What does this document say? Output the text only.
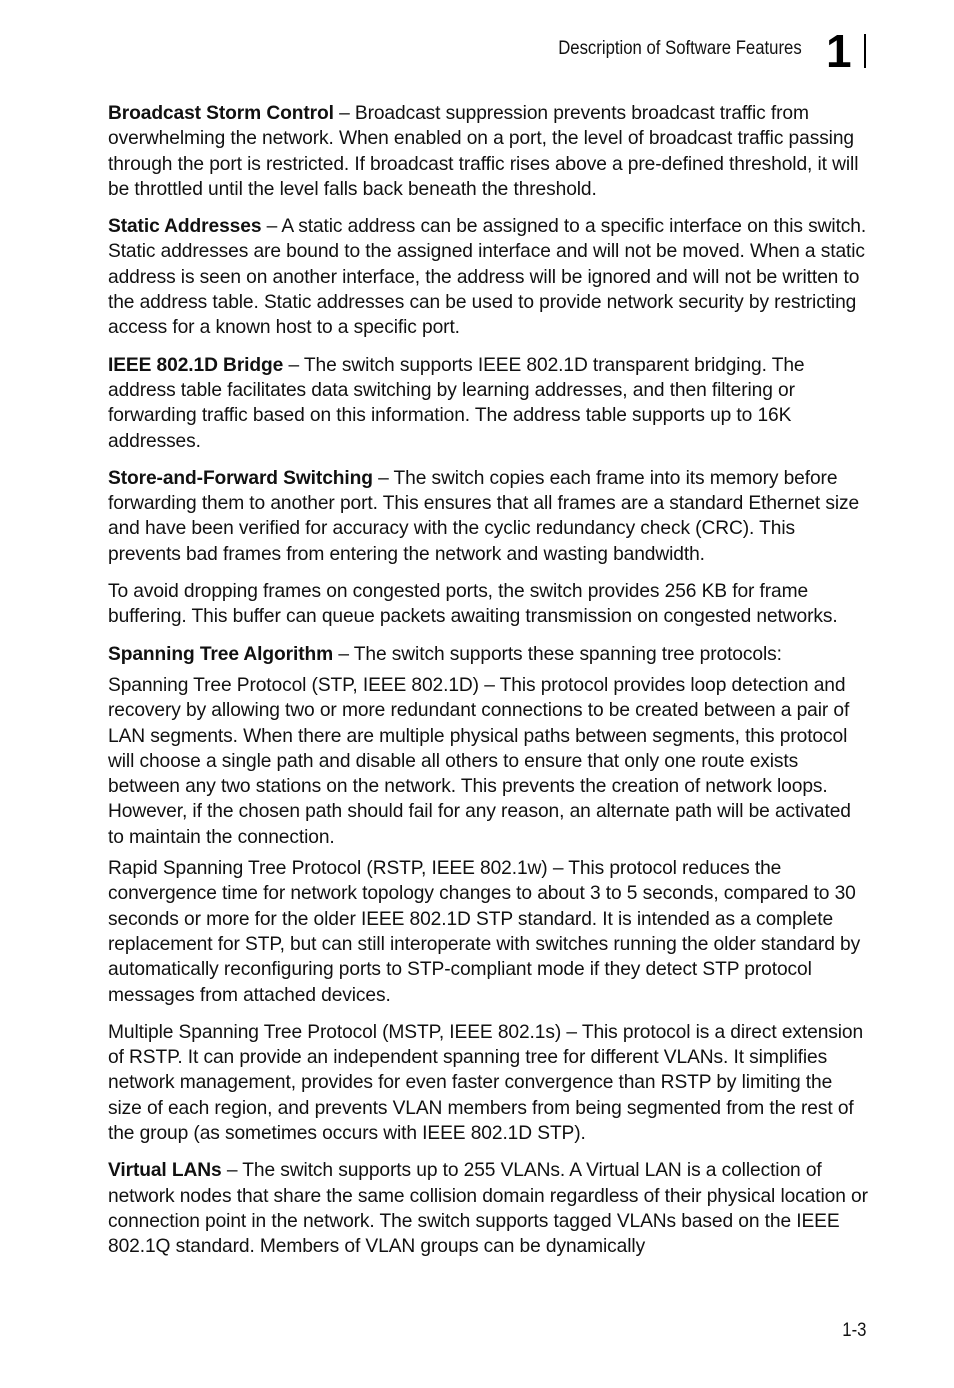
Description of Software Features 1

Broadcast Storm Control – Broadcast suppression prevents broadcast traffic from overwhelming the network. When enabled on a port, the level of broadcast traffic passing through the port is restricted. If broadcast traffic rises above a pre-defined threshold, it will be throttled until the level falls back beneath the threshold.

Static Addresses – A static address can be assigned to a specific interface on this switch. Static addresses are bound to the assigned interface and will not be moved. When a static address is seen on another interface, the address will be ignored and will not be written to the address table. Static addresses can be used to provide network security by restricting access for a known host to a specific port.

IEEE 802.1D Bridge – The switch supports IEEE 802.1D transparent bridging. The address table facilitates data switching by learning addresses, and then filtering or forwarding traffic based on this information. The address table supports up to 16K addresses.

Store-and-Forward Switching – The switch copies each frame into its memory before forwarding them to another port. This ensures that all frames are a standard Ethernet size and have been verified for accuracy with the cyclic redundancy check (CRC). This prevents bad frames from entering the network and wasting bandwidth.

To avoid dropping frames on congested ports, the switch provides 256 KB for frame buffering. This buffer can queue packets awaiting transmission on congested networks.

Spanning Tree Algorithm – The switch supports these spanning tree protocols:

Spanning Tree Protocol (STP, IEEE 802.1D) – This protocol provides loop detection and recovery by allowing two or more redundant connections to be created between a pair of LAN segments. When there are multiple physical paths between segments, this protocol will choose a single path and disable all others to ensure that only one route exists between any two stations on the network. This prevents the creation of network loops. However, if the chosen path should fail for any reason, an alternate path will be activated to maintain the connection.

Rapid Spanning Tree Protocol (RSTP, IEEE 802.1w) – This protocol reduces the convergence time for network topology changes to about 3 to 5 seconds, compared to 30 seconds or more for the older IEEE 802.1D STP standard. It is intended as a complete replacement for STP, but can still interoperate with switches running the older standard by automatically reconfiguring ports to STP-compliant mode if they detect STP protocol messages from attached devices.

Multiple Spanning Tree Protocol (MSTP, IEEE 802.1s) – This protocol is a direct extension of RSTP. It can provide an independent spanning tree for different VLANs. It simplifies network management, provides for even faster convergence than RSTP by limiting the size of each region, and prevents VLAN members from being segmented from the rest of the group (as sometimes occurs with IEEE 802.1D STP).

Virtual LANs – The switch supports up to 255 VLANs. A Virtual LAN is a collection of network nodes that share the same collision domain regardless of their physical location or connection point in the network. The switch supports tagged VLANs based on the IEEE 802.1Q standard. Members of VLAN groups can be dynamically

1-3
